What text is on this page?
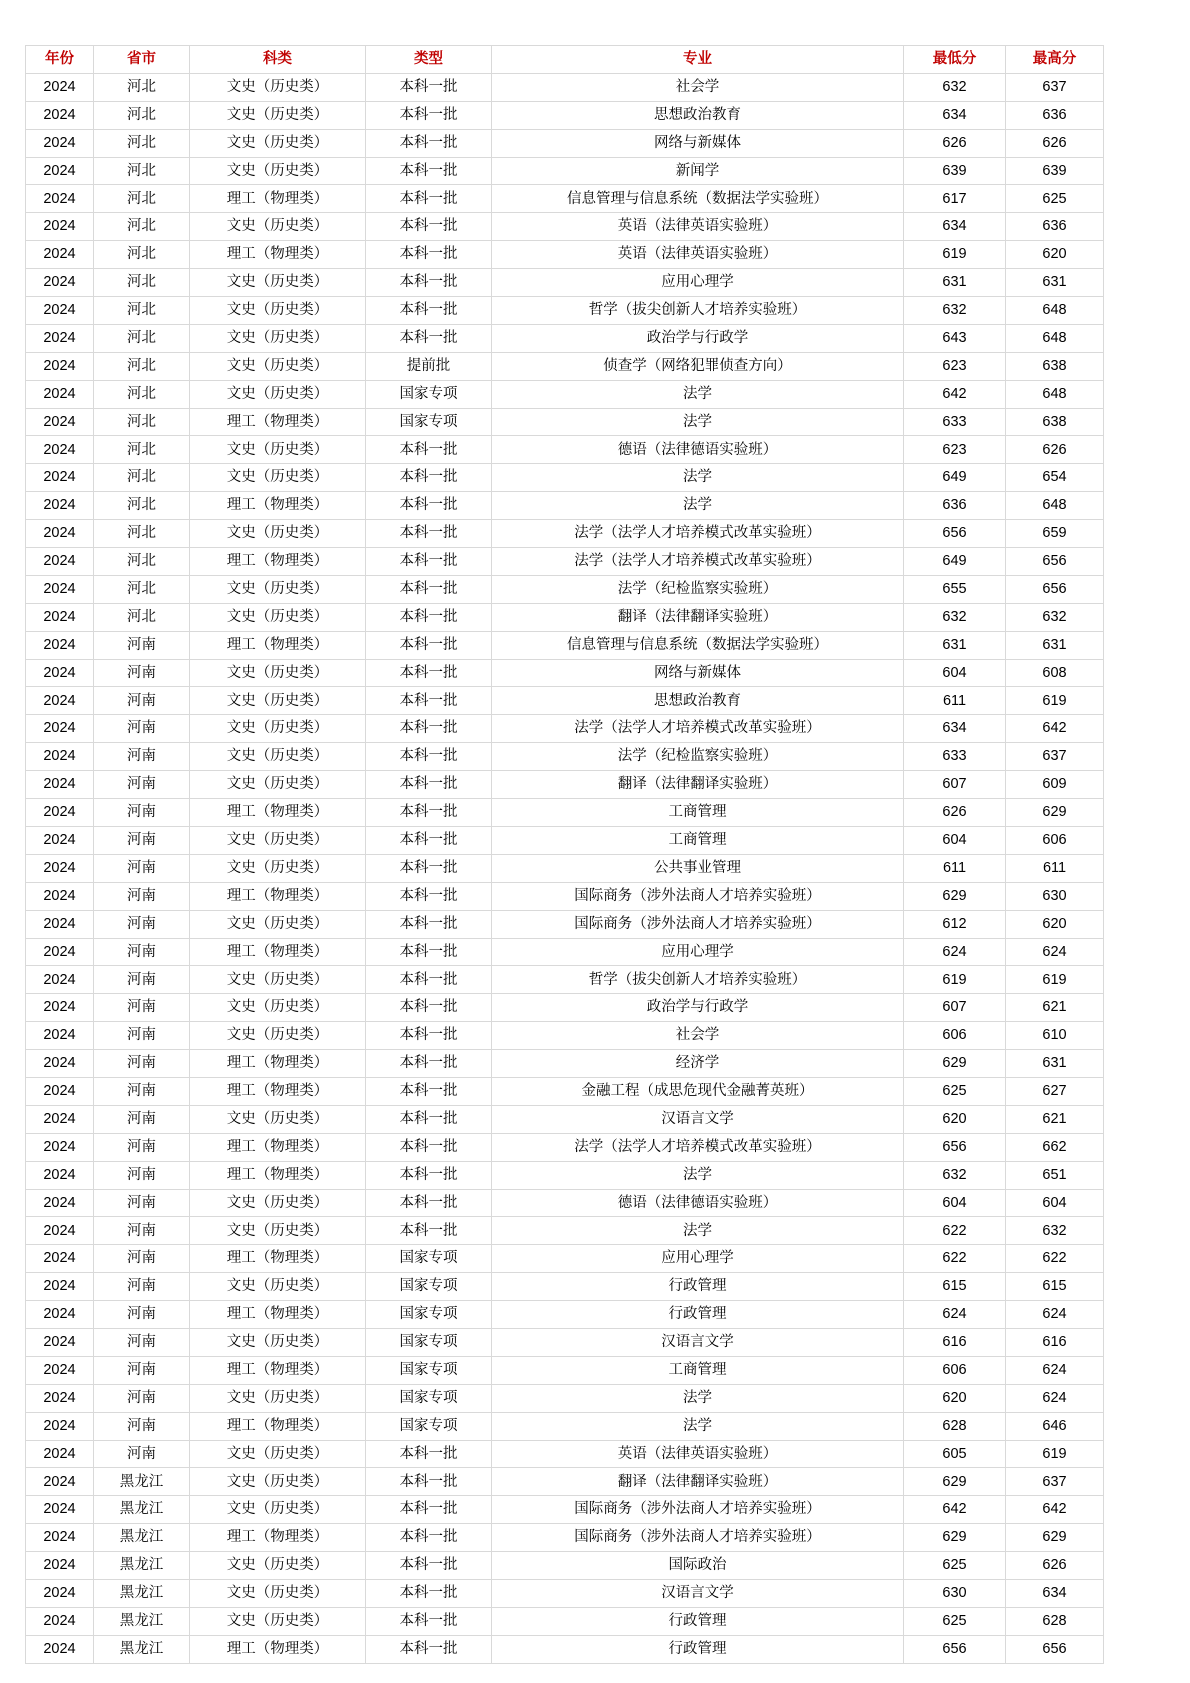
年份	省市	科类	类型	专业	最低分	最高分
2024	河北	文史（历史类）	本科一批	社会学	632	637
2024	河北	文史（历史类）	本科一批	思想政治教育	634	636
2024	河北	文史（历史类）	本科一批	网络与新媒体	626	626
2024	河北	文史（历史类）	本科一批	新闻学	639	639
2024	河北	理工（物理类）	本科一批	信息管理与信息系统（数据法学实验班）	617	625
2024	河北	文史（历史类）	本科一批	英语（法律英语实验班）	634	636
2024	河北	理工（物理类）	本科一批	英语（法律英语实验班）	619	620
2024	河北	文史（历史类）	本科一批	应用心理学	631	631
2024	河北	文史（历史类）	本科一批	哲学（拔尖创新人才培养实验班）	632	648
2024	河北	文史（历史类）	本科一批	政治学与行政学	643	648
2024	河北	文史（历史类）	提前批	侦查学（网络犯罪侦查方向）	623	638
2024	河北	文史（历史类）	国家专项	法学	642	648
2024	河北	理工（物理类）	国家专项	法学	633	638
2024	河北	文史（历史类）	本科一批	德语（法律德语实验班）	623	626
2024	河北	文史（历史类）	本科一批	法学	649	654
2024	河北	理工（物理类）	本科一批	法学	636	648
2024	河北	文史（历史类）	本科一批	法学（法学人才培养模式改革实验班）	656	659
2024	河北	理工（物理类）	本科一批	法学（法学人才培养模式改革实验班）	649	656
2024	河北	文史（历史类）	本科一批	法学（纪检监察实验班）	655	656
2024	河北	文史（历史类）	本科一批	翻译（法律翻译实验班）	632	632
2024	河南	理工（物理类）	本科一批	信息管理与信息系统（数据法学实验班）	631	631
2024	河南	文史（历史类）	本科一批	网络与新媒体	604	608
2024	河南	文史（历史类）	本科一批	思想政治教育	611	619
2024	河南	文史（历史类）	本科一批	法学（法学人才培养模式改革实验班）	634	642
2024	河南	文史（历史类）	本科一批	法学（纪检监察实验班）	633	637
2024	河南	文史（历史类）	本科一批	翻译（法律翻译实验班）	607	609
2024	河南	理工（物理类）	本科一批	工商管理	626	629
2024	河南	文史（历史类）	本科一批	工商管理	604	606
2024	河南	文史（历史类）	本科一批	公共事业管理	611	611
2024	河南	理工（物理类）	本科一批	国际商务（涉外法商人才培养实验班）	629	630
2024	河南	文史（历史类）	本科一批	国际商务（涉外法商人才培养实验班）	612	620
2024	河南	理工（物理类）	本科一批	应用心理学	624	624
2024	河南	文史（历史类）	本科一批	哲学（拔尖创新人才培养实验班）	619	619
2024	河南	文史（历史类）	本科一批	政治学与行政学	607	621
2024	河南	文史（历史类）	本科一批	社会学	606	610
2024	河南	理工（物理类）	本科一批	经济学	629	631
2024	河南	理工（物理类）	本科一批	金融工程（成思危现代金融菁英班）	625	627
2024	河南	文史（历史类）	本科一批	汉语言文学	620	621
2024	河南	理工（物理类）	本科一批	法学（法学人才培养模式改革实验班）	656	662
2024	河南	理工（物理类）	本科一批	法学	632	651
2024	河南	文史（历史类）	本科一批	德语（法律德语实验班）	604	604
2024	河南	文史（历史类）	本科一批	法学	622	632
2024	河南	理工（物理类）	国家专项	应用心理学	622	622
2024	河南	文史（历史类）	国家专项	行政管理	615	615
2024	河南	理工（物理类）	国家专项	行政管理	624	624
2024	河南	文史（历史类）	国家专项	汉语言文学	616	616
2024	河南	理工（物理类）	国家专项	工商管理	606	624
2024	河南	文史（历史类）	国家专项	法学	620	624
2024	河南	理工（物理类）	国家专项	法学	628	646
2024	河南	文史（历史类）	本科一批	英语（法律英语实验班）	605	619
2024	黑龙江	文史（历史类）	本科一批	翻译（法律翻译实验班）	629	637
2024	黑龙江	文史（历史类）	本科一批	国际商务（涉外法商人才培养实验班）	642	642
2024	黑龙江	理工（物理类）	本科一批	国际商务（涉外法商人才培养实验班）	629	629
2024	黑龙江	文史（历史类）	本科一批	国际政治	625	626
2024	黑龙江	文史（历史类）	本科一批	汉语言文学	630	634
2024	黑龙江	文史（历史类）	本科一批	行政管理	625	628
2024	黑龙江	理工（物理类）	本科一批	行政管理	656	656
